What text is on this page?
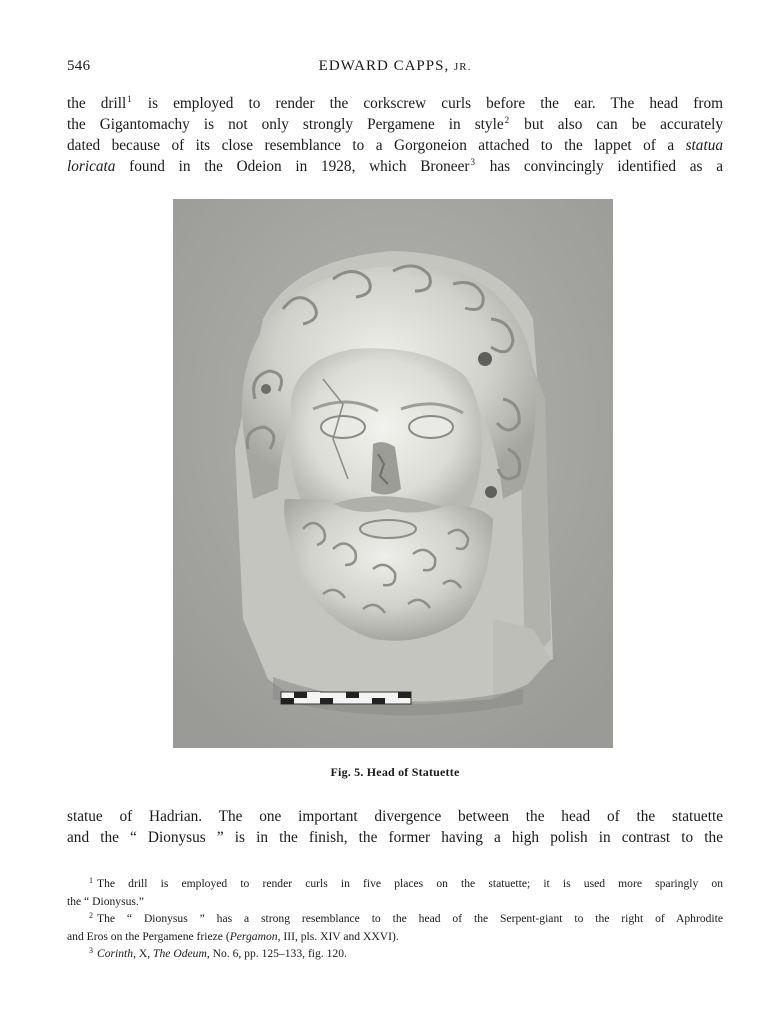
546	EDWARD CAPPS, JR.
the drill$^1$ is employed to render the corkscrew curls before the ear. The head from
the Gigantomachy is not only strongly Pergamene in style$^2$ but also can be accurately
dated because of its close resemblance to a Gorgoneion attached to the lappet of a statua
loricata found in the Odeion in 1928, which Broneer$^3$ has convincingly identified as a
Fig. 5. Head of Statuette
statue of Hadrian. The one important divergence between the head of the statuette
and the “ Dionysus ” is in the finish, the former having a high polish in contrast to the
$^1$ The drill is employed to render curls in five places on the statuette; it is used more sparingly on
the “ Dionysus.”
$^2$ The “ Dionysus ” has a strong resemblance to the head of the Serpent-giant to the right of Aphrodite
and Eros on the Pergamene frieze (Pergamon, III, pls. XIV and XXVI).
$^3$ Corinth, X, The Odeum, No. 6, pp. 125–133, fig. 120.
